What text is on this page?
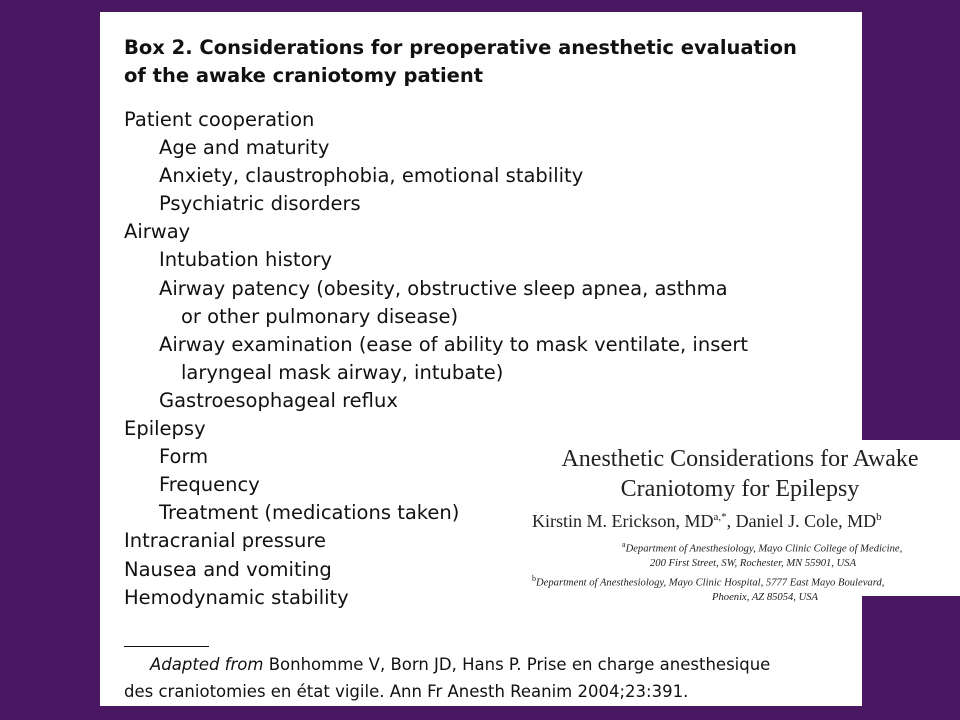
Box 2. Considerations for preoperative anesthetic evaluation
of the awake craniotomy patient
Patient cooperation
Age and maturity
Anxiety, claustrophobia, emotional stability
Psychiatric disorders
Airway
Intubation history
Airway patency (obesity, obstructive sleep apnea, asthma
or other pulmonary disease)
Airway examination (ease of ability to mask ventilate, insert
laryngeal mask airway, intubate)
Gastroesophageal reflux
Epilepsy
Form
Frequency
Treatment (medications taken)
Intracranial pressure
Nausea and vomiting
Hemodynamic stability
Adapted from Bonhomme V, Born JD, Hans P. Prise en charge anesthesique
des craniotomies en état vigile. Ann Fr Anesth Reanim 2004;23:391.
Anesthetic Considerations for Awake
Craniotomy for Epilepsy
Kirstin M. Erickson, $MD^{a,*}$, Daniel J. Cole, $MD^b$
$^a$Department of Anesthesiology, Mayo Clinic College of Medicine,
200 First Street, SW, Rochester, MN 55901, USA
$^b$Department of Anesthesiology, Mayo Clinic Hospital, 5777 East Mayo Boulevard,
Phoenix, AZ 85054, USA
